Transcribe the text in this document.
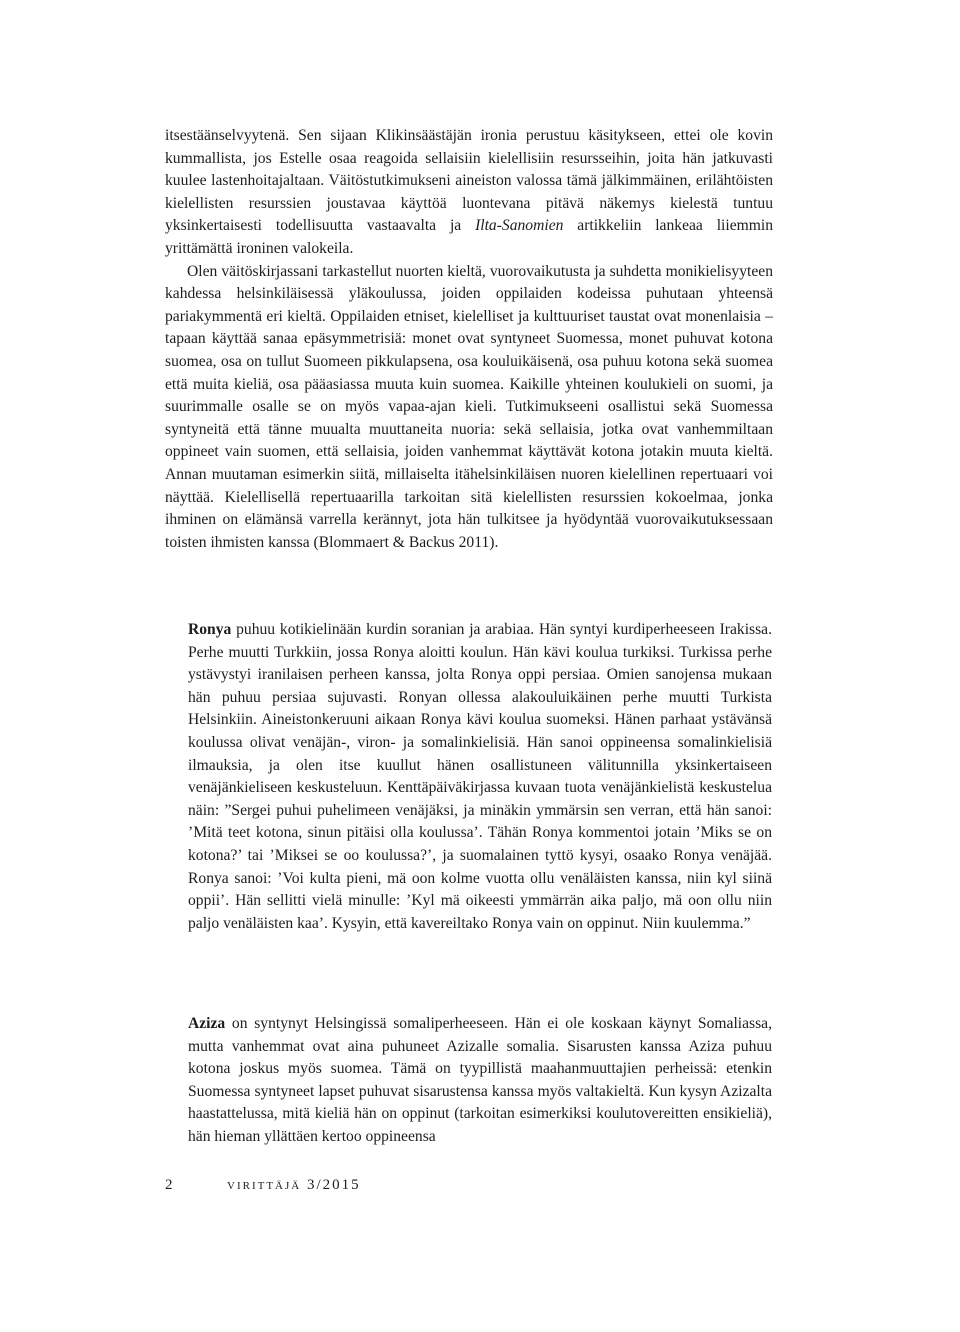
itsestäänselvyytenä. Sen sijaan Klikinsäästäjän ironia perustuu käsitykseen, ettei ole kovin kummallista, jos Estelle osaa reagoida sellaisiin kielellisiin resursseihin, joita hän jatkuvasti kuulee lastenhoitajaltaan. Väitöstutkimukseni aineiston valossa tämä jälkimmäinen, erilähtöisten kielellisten resurssien joustavaa käyttöä luontevana pitävä näkemys kielestä tuntuu yksinkertaisesti todellisuutta vastaavalta ja Ilta-Sanomien artikkeliin lankeaa liiemmin yrittämättä ironinen valokeila.

Olen väitöskirjassani tarkastellut nuorten kieltä, vuorovaikutusta ja suhdetta monikielisyyteen kahdessa helsinkiläisessä yläkoulussa, joiden oppilaiden kodeissa puhutaan yhteensä pariakymmentä eri kieltä. Oppilaiden etniset, kielelliset ja kulttuuriset taustat ovat monenlaisia – tapaan käyttää sanaa epäsymmetrisiä: monet ovat syntyneet Suomessa, monet puhuvat kotona suomea, osa on tullut Suomeen pikkulapsena, osa kouluikäisenä, osa puhuu kotona sekä suomea että muita kieliä, osa pääasiassa muuta kuin suomea. Kaikille yhteinen koulukieli on suomi, ja suurimmalle osalle se on myös vapaa-ajan kieli. Tutkimukseeni osallistui sekä Suomessa syntyneitä että tänne muualta muuttaneita nuoria: sekä sellaisia, jotka ovat vanhemmiltaan oppineet vain suomen, että sellaisia, joiden vanhemmat käyttävät kotona jotakin muuta kieltä. Annan muutaman esimerkin siitä, millaiselta itähelsinkiläisen nuoren kielellinen repertuaari voi näyttää. Kielellisellä repertuaarilla tarkoitan sitä kielellisten resurssien kokoelmaa, jonka ihminen on elämänsä varrella kerännyt, jota hän tulkitsee ja hyödyntää vuorovaikutuksessaan toisten ihmisten kanssa (Blommaert & Backus 2011).

Ronya puhuu kotikielinään kurdin soranian ja arabiaa. Hän syntyi kurdiperheeseen Irakissa. Perhe muutti Turkkiin, jossa Ronya aloitti koulun. Hän kävi koulua turkiksi. Turkissa perhe ystävystyi iranilaisen perheen kanssa, jolta Ronya oppi persiaa. Omien sanojensa mukaan hän puhuu persiaa sujuvasti. Ronyan ollessa alakouluikäinen perhe muutti Turkista Helsinkiin. Aineistonkeruuni aikaan Ronya kävi koulua suomeksi. Hänen parhaat ystävänsä koulussa olivat venäjän-, viron- ja somalinkielisiä. Hän sanoi oppineensa somalinkielisiä ilmauksia, ja olen itse kuullut hänen osallistuneen välitunnilla yksinkertaiseen venäjänkieliseen keskusteluun. Kenttäpäiväkirjassa kuvaan tuota venäjänkielistä keskustelua näin: ”Sergei puhui puhelimeen venäjäksi, ja minäkin ymmärsin sen verran, että hän sanoi: ’Mitä teet kotona, sinun pitäisi olla koulussa’. Tähän Ronya kommentoi jotain ’Miks se on kotona?’ tai ’Miksei se oo koulussa?’, ja suomalainen tyttö kysyi, osaako Ronya venäjää. Ronya sanoi: ’Voi kulta pieni, mä oon kolme vuotta ollu venäläisten kanssa, niin kyl siinä oppii’. Hän sellitti vielä minulle: ’Kyl mä oikeesti ymmärrän aika paljo, mä oon ollu niin paljo venäläisten kaa’. Kysyin, että kavereiltako Ronya vain on oppinut. Niin kuulemma.”

Aziza on syntynyt Helsingissä somaliperheeseen. Hän ei ole koskaan käynyt Somaliassa, mutta vanhemmat ovat aina puhuneet Azizalle somalia. Sisarusten kanssa Aziza puhuu kotona joskus myös suomea. Tämä on tyypillistä maahanmuuttajien perheissä: etenkin Suomessa syntyneet lapset puhuvat sisarustensa kanssa myös valtakieltä. Kun kysyn Azizalta haastattelussa, mitä kieliä hän on oppinut (tarkoitan esimerkiksi koulutovereitten ensikieliä), hän hieman yllättäen kertoo oppineensa

2	virittäjä 3/2015
